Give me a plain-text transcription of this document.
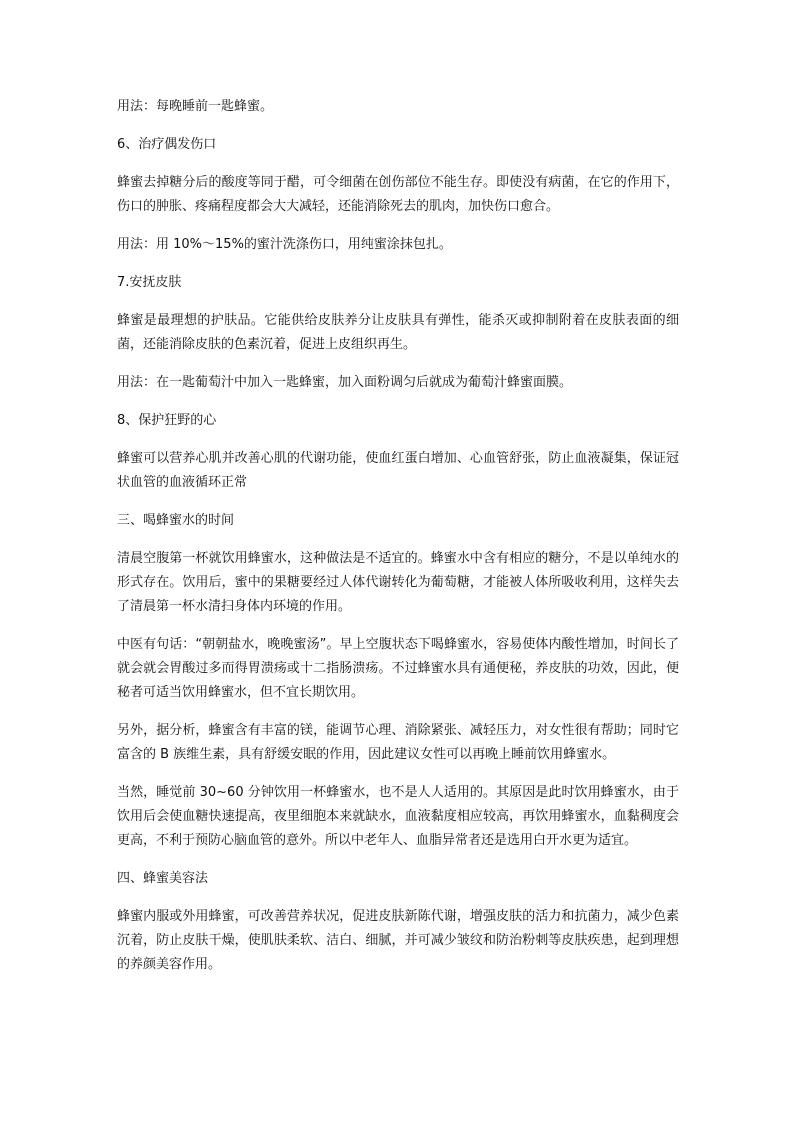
用法：每晚睡前一匙蜂蜜。

6、治疗偶发伤口

蜂蜜去掉糖分后的酸度等同于醋，可令细菌在创伤部位不能生存。即使没有病菌，在它的作用下，伤口的肿胀、疼痛程度都会大大减轻，还能消除死去的肌肉，加快伤口愈合。

用法：用 10%～15%的蜜汁洗涤伤口，用纯蜜涂抹包扎。

7.安抚皮肤

蜂蜜是最理想的护肤品。它能供给皮肤养分让皮肤具有弹性，能杀灭或抑制附着在皮肤表面的细菌，还能消除皮肤的色素沉着，促进上皮组织再生。

用法：在一匙葡萄汁中加入一匙蜂蜜，加入面粉调匀后就成为葡萄汁蜂蜜面膜。

8、保护狂野的心

蜂蜜可以营养心肌并改善心肌的代谢功能，使血红蛋白增加、心血管舒张，防止血液凝集，保证冠状血管的血液循环正常

三、喝蜂蜜水的时间

清晨空腹第一杯就饮用蜂蜜水，这种做法是不适宜的。蜂蜜水中含有相应的糖分，不是以单纯水的形式存在。饮用后，蜜中的果糖要经过人体代谢转化为葡萄糖，才能被人体所吸收利用，这样失去了清晨第一杯水清扫身体内环境的作用。

中医有句话：“朝朝盐水，晚晚蜜汤”。早上空腹状态下喝蜂蜜水，容易使体内酸性增加，时间长了就会就会胃酸过多而得胃溃疡或十二指肠溃疡。不过蜂蜜水具有通便秘，养皮肤的功效，因此，便秘者可适当饮用蜂蜜水，但不宜长期饮用。

另外，据分析，蜂蜜含有丰富的镁，能调节心理、消除紧张、减轻压力，对女性很有帮助；同时它富含的 B 族维生素，具有舒缓安眠的作用，因此建议女性可以再晚上睡前饮用蜂蜜水。

当然，睡觉前 30~60 分钟饮用一杯蜂蜜水，也不是人人适用的。其原因是此时饮用蜂蜜水，由于饮用后会使血糖快速提高，夜里细胞本来就缺水，血液黏度相应较高，再饮用蜂蜜水，血黏稠度会更高，不利于预防心脑血管的意外。所以中老年人、血脂异常者还是选用白开水更为适宜。

四、蜂蜜美容法

蜂蜜内服或外用蜂蜜，可改善营养状况，促进皮肤新陈代谢，增强皮肤的活力和抗菌力，减少色素沉着，防止皮肤干燥，使肌肤柔软、洁白、细腻，并可减少皱纹和防治粉刺等皮肤疾患，起到理想的养颜美容作用。
